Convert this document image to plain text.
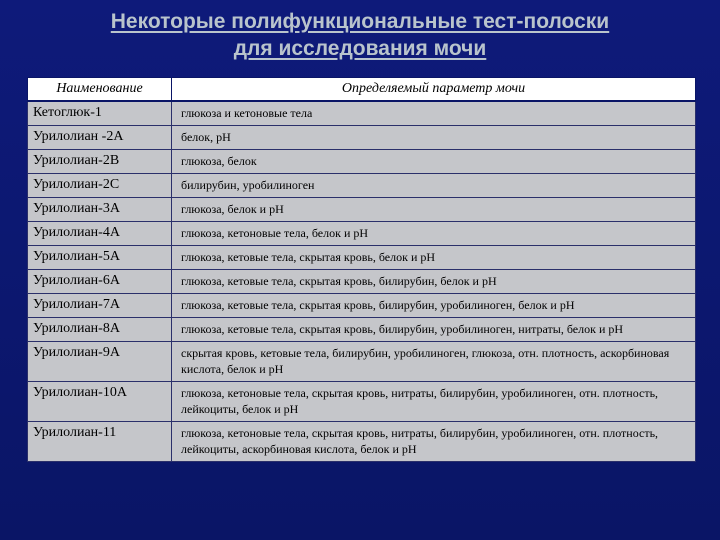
Некоторые полифункциональные тест-полоски
для исследования мочи
Наименование	Определяемый параметр мочи
Кетоглюк-1	глюкоза и кетоновые тела
Урилолиан -2А	белок, рН
Урилолиан-2В	глюкоза, белок
Урилолиан-2С	билирубин, уробилиноген
Урилолиан-3А	глюкоза, белок и рН
Урилолиан-4А	глюкоза, кетоновые тела, белок и рН
Урилолиан-5А	глюкоза, кетовые тела, скрытая кровь, белок и рН
Урилолиан-6А	глюкоза, кетовые тела, скрытая кровь, билирубин, белок и рН
Урилолиан-7А	глюкоза, кетовые тела, скрытая кровь, билирубин, уробилиноген, белок и рН
Урилолиан-8А	глюкоза, кетовые тела, скрытая кровь, билирубин, уробилиноген, нитраты, белок и рН
Урилолиан-9А	скрытая кровь, кетовые тела, билирубин, уробилиноген, глюкоза, отн. плотность, аскорбиновая кислота, белок и рН
Урилолиан-10А	глюкоза, кетоновые тела, скрытая кровь, нитраты, билирубин, уробилиноген, отн. плотность, лейкоциты, белок и рН
Урилолиан-11	глюкоза, кетоновые тела, скрытая кровь, нитраты, билирубин, уробилиноген, отн. плотность, лейкоциты, аскорбиновая кислота, белок и рН
